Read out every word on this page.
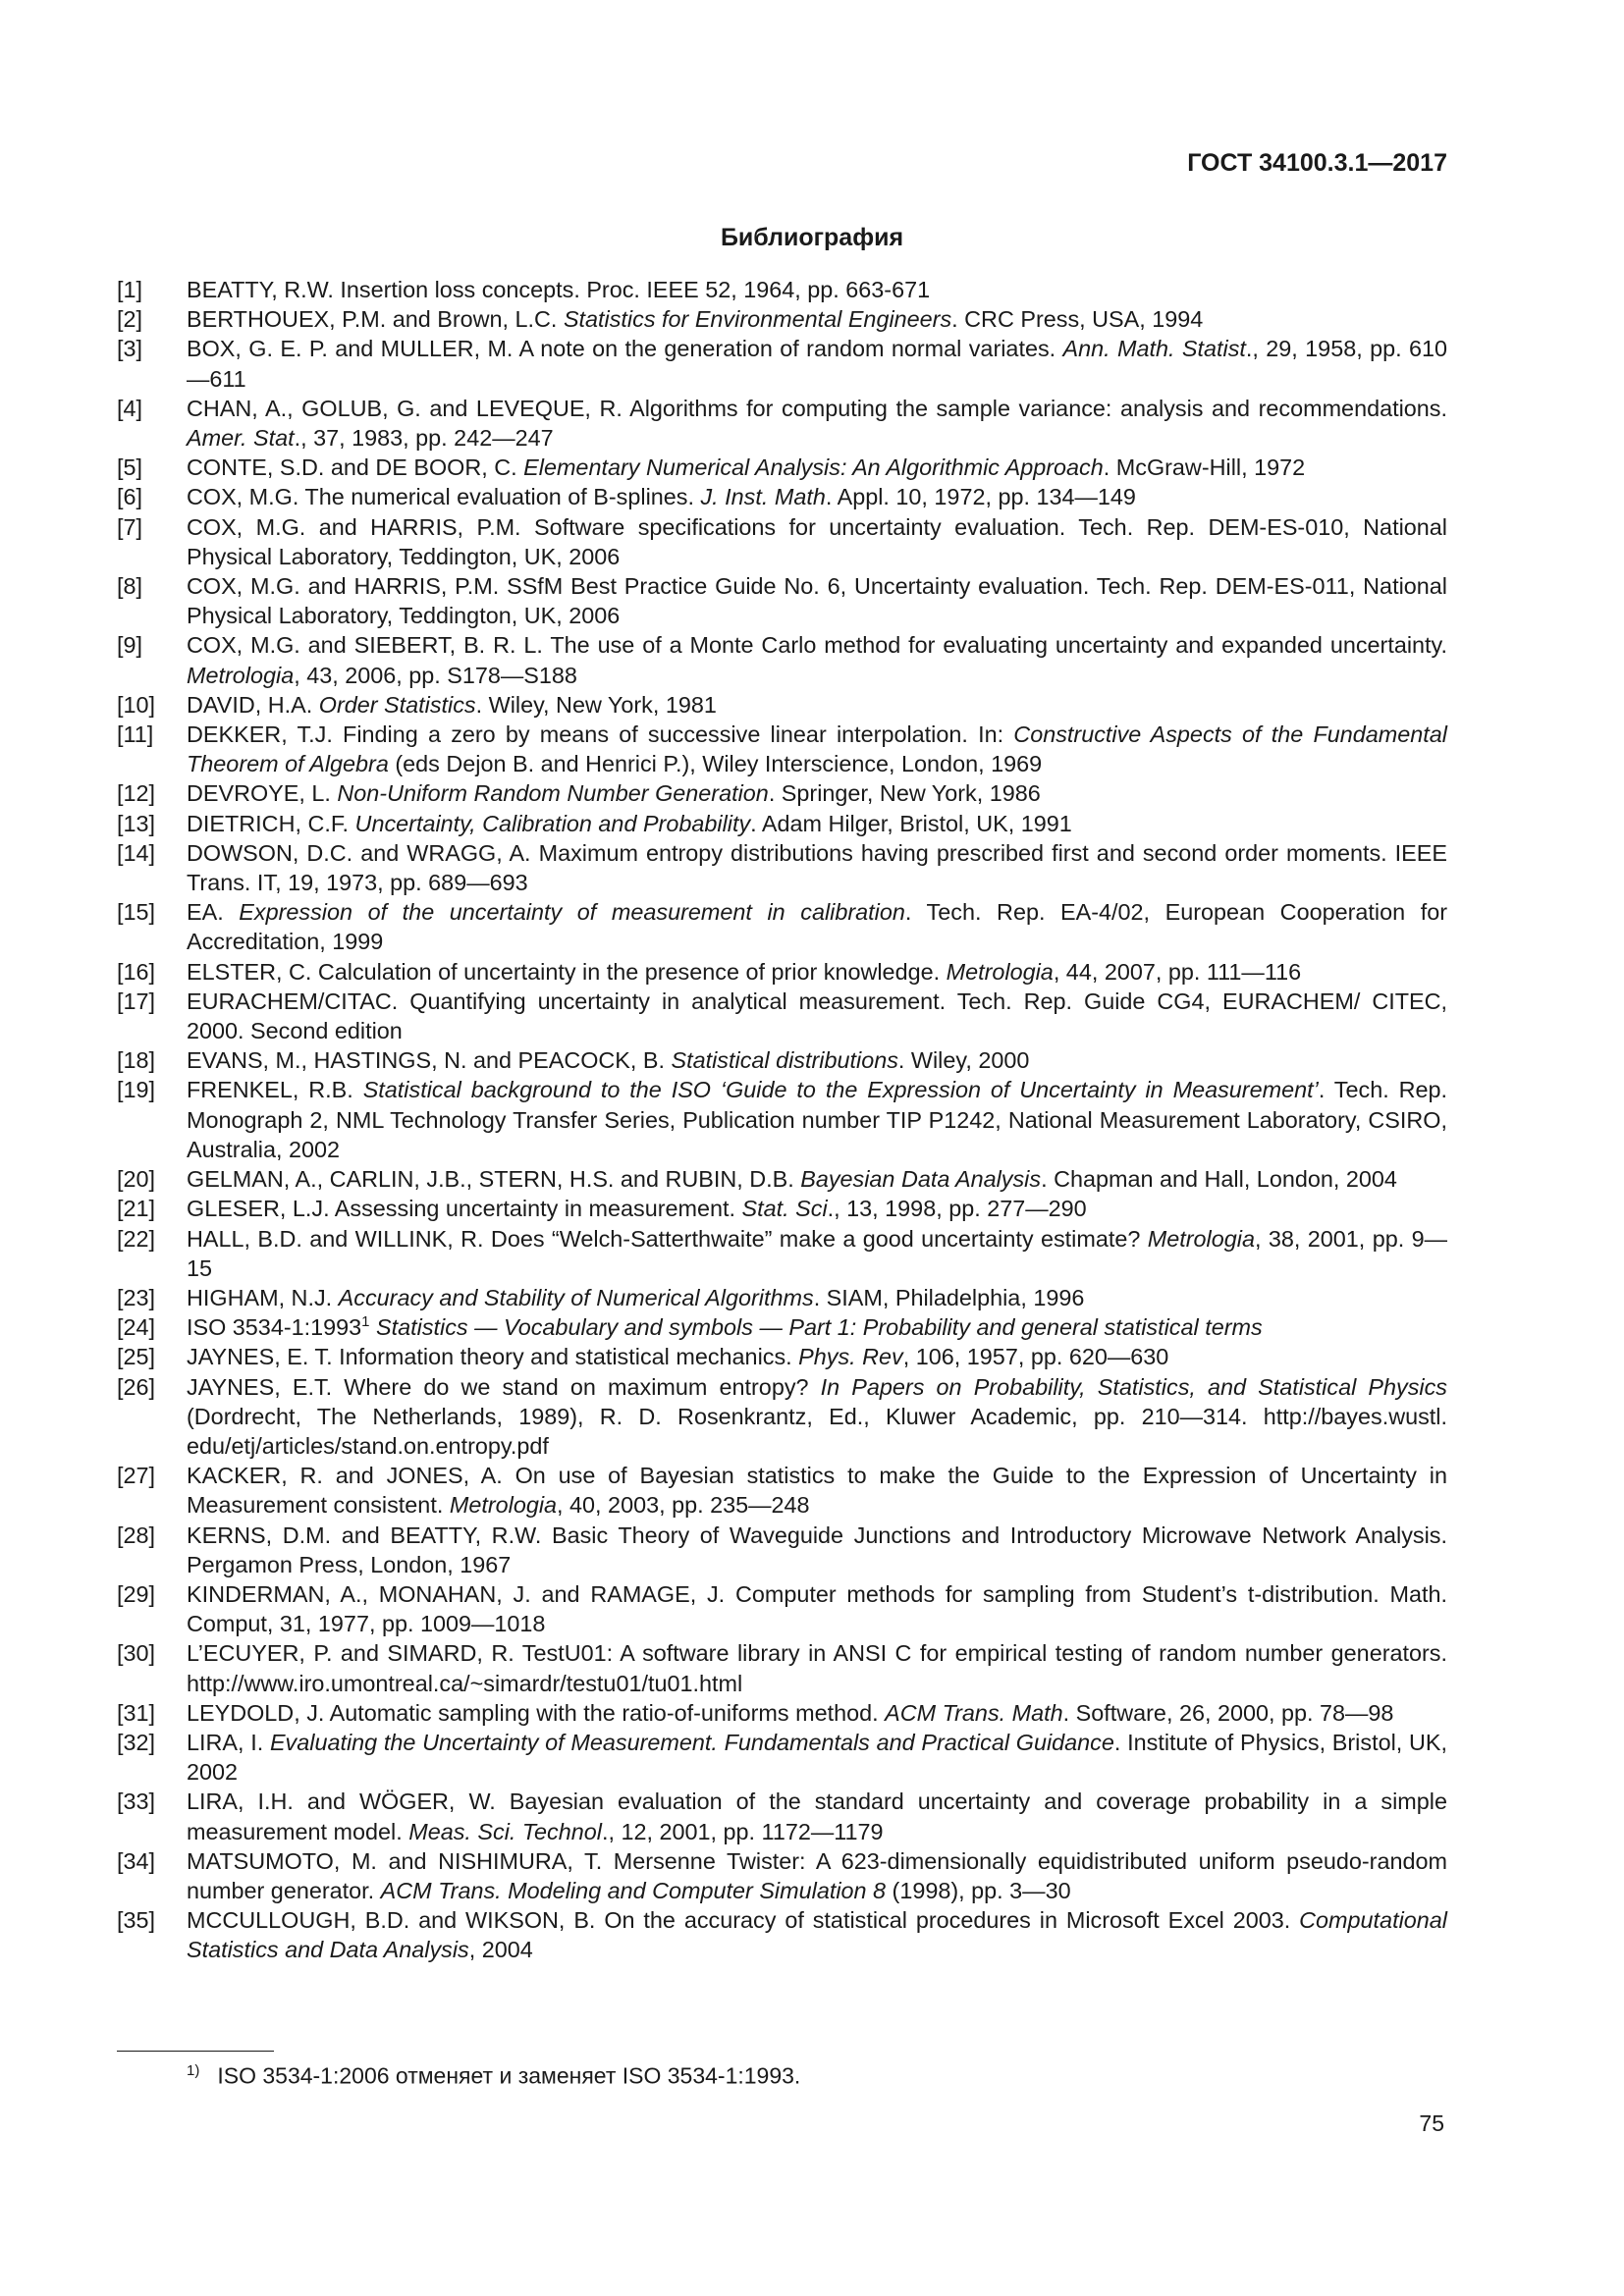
ГОСТ 34100.3.1—2017
Библиография
[1]	BEATTY, R.W. Insertion loss concepts. Proc. IEEE 52, 1964, pp. 663-671
[2]	BERTHOUEX, P.M. and Brown, L.C. Statistics for Environmental Engineers. CRC Press, USA, 1994
[3]	BOX, G. E. P. and MULLER, M. A note on the generation of random normal variates. Ann. Math. Statist., 29, 1958, pp. 610—611
[4]	CHAN, A., GOLUB, G. and LEVEQUE, R. Algorithms for computing the sample variance: analysis and recommendations. Amer. Stat., 37, 1983, pp. 242—247
[5]	CONTE, S.D. and DE BOOR, C. Elementary Numerical Analysis: An Algorithmic Approach. McGraw-Hill, 1972
[6]	COX, M.G. The numerical evaluation of B-splines. J. Inst. Math. Appl. 10, 1972, pp. 134—149
[7]	COX, M.G. and HARRIS, P.M. Software specifications for uncertainty evaluation. Tech. Rep. DEM-ES-010, National Physical Laboratory, Teddington, UK, 2006
[8]	COX, M.G. and HARRIS, P.M. SSfM Best Practice Guide No. 6, Uncertainty evaluation. Tech. Rep. DEM-ES-011, National Physical Laboratory, Teddington, UK, 2006
[9]	COX, M.G. and SIEBERT, B. R. L. The use of a Monte Carlo method for evaluating uncertainty and expanded uncertainty. Metrologia, 43, 2006, pp. S178—S188
[10]	DAVID, H.A. Order Statistics. Wiley, New York, 1981
[11]	DEKKER, T.J. Finding a zero by means of successive linear interpolation. In: Constructive Aspects of the Fundamental Theorem of Algebra (eds Dejon B. and Henrici P.), Wiley Interscience, London, 1969
[12]	DEVROYE, L. Non-Uniform Random Number Generation. Springer, New York, 1986
[13]	DIETRICH, C.F. Uncertainty, Calibration and Probability. Adam Hilger, Bristol, UK, 1991
[14]	DOWSON, D.C. and WRAGG, A. Maximum entropy distributions having prescribed first and second order moments. IEEE Trans. IT, 19, 1973, pp. 689—693
[15]	EA. Expression of the uncertainty of measurement in calibration. Tech. Rep. EA-4/02, European Cooperation for Accreditation, 1999
[16]	ELSTER, C. Calculation of uncertainty in the presence of prior knowledge. Metrologia, 44, 2007, pp. 111—116
[17]	EURACHEM/CITAC. Quantifying uncertainty in analytical measurement. Tech. Rep. Guide CG4, EURACHEM/ CITEC, 2000. Second edition
[18]	EVANS, M., HASTINGS, N. and PEACOCK, B. Statistical distributions. Wiley, 2000
[19]	FRENKEL, R.B. Statistical background to the ISO ‘Guide to the Expression of Uncertainty in Measurement’. Tech. Rep. Monograph 2, NML Technology Transfer Series, Publication number TIP P1242, National Measurement Laboratory, CSIRO, Australia, 2002
[20]	GELMAN, A., CARLIN, J.B., STERN, H.S. and RUBIN, D.B. Bayesian Data Analysis. Chapman and Hall, London, 2004
[21]	GLESER, L.J. Assessing uncertainty in measurement. Stat. Sci., 13, 1998, pp. 277—290
[22]	HALL, B.D. and WILLINK, R. Does “Welch-Satterthwaite” make a good uncertainty estimate? Metrologia, 38, 2001, pp. 9—15
[23]	HIGHAM, N.J. Accuracy and Stability of Numerical Algorithms. SIAM, Philadelphia, 1996
[24]	ISO 3534-1:1993$^1$ Statistics — Vocabulary and symbols — Part 1: Probability and general statistical terms
[25]	JAYNES, E. T. Information theory and statistical mechanics. Phys. Rev, 106, 1957, pp. 620—630
[26]	JAYNES, E.T. Where do we stand on maximum entropy? In Papers on Probability, Statistics, and Statistical Physics (Dordrecht, The Netherlands, 1989), R. D. Rosenkrantz, Ed., Kluwer Academic, pp. 210—314. http://bayes.wustl. edu/etj/articles/stand.on.entropy.pdf
[27]	KACKER, R. and JONES, A. On use of Bayesian statistics to make the Guide to the Expression of Uncertainty in Measurement consistent. Metrologia, 40, 2003, pp. 235—248
[28]	KERNS, D.M. and BEATTY, R.W. Basic Theory of Waveguide Junctions and Introductory Microwave Network Analysis. Pergamon Press, London, 1967
[29]	KINDERMAN, A., MONAHAN, J. and RAMAGE, J. Computer methods for sampling from Student’s t-distribution. Math. Comput, 31, 1977, pp. 1009—1018
[30]	L’ECUYER, P. and SIMARD, R. TestU01: A software library in ANSI C for empirical testing of random number generators. http://www.iro.umontreal.ca/~simardr/testu01/tu01.html
[31]	LEYDOLD, J. Automatic sampling with the ratio-of-uniforms method. ACM Trans. Math. Software, 26, 2000, pp. 78—98
[32]	LIRA, I. Evaluating the Uncertainty of Measurement. Fundamentals and Practical Guidance. Institute of Physics, Bristol, UK, 2002
[33]	LIRA, I.H. and WÖGER, W. Bayesian evaluation of the standard uncertainty and coverage probability in a simple measurement model. Meas. Sci. Technol., 12, 2001, pp. 1172—1179
[34]	MATSUMOTO, M. and NISHIMURA, T. Mersenne Twister: A 623-dimensionally equidistributed uniform pseudo-random number generator. ACM Trans. Modeling and Computer Simulation 8 (1998), pp. 3—30
[35]	MCCULLOUGH, B.D. and WIKSON, B. On the accuracy of statistical procedures in Microsoft Excel 2003. Computational Statistics and Data Analysis, 2004
$^{1)}$ ISO 3534-1:2006 отменяет и заменяет ISO 3534-1:1993.
75
